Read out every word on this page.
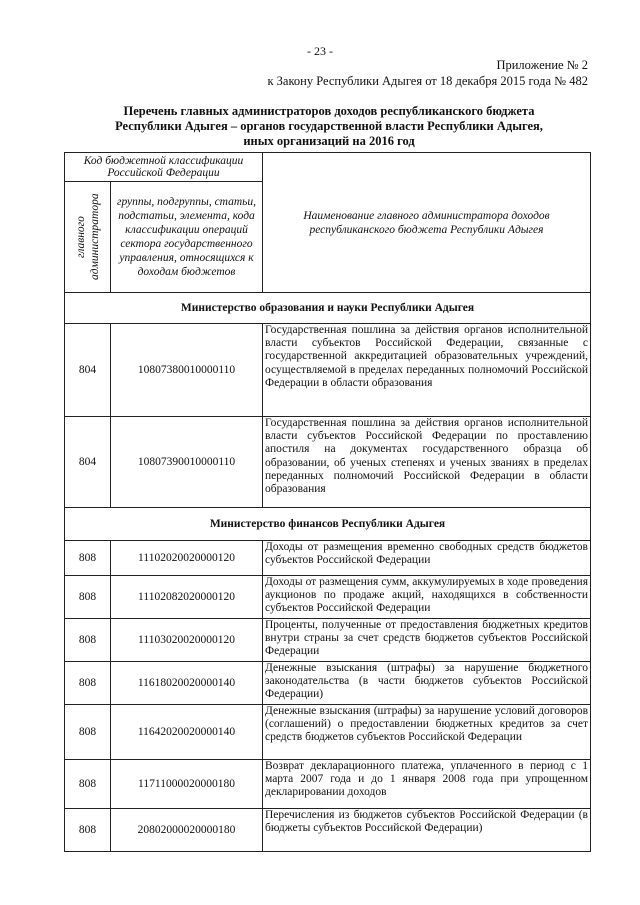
- 23 -
Приложение № 2
к Закону Республики Адыгея от 18 декабря 2015 года № 482
Перечень главных администраторов доходов республиканского бюджета
Республики Адыгея – органов государственной власти Республики Адыгея,
иных организаций на 2016 год
Код бюджетной классификации Российской Федерации		Наименование главного администратора доходов республиканского бюджета Республики Адыгея

главного администратора	группы, подгруппы, статьи, подстатьи, элемента, кода классификации операций сектора государственного управления, относящихся к доходам бюджетов	
Министерство образования и науки Республики Адыгея		
804	10807380010000110	Государственная пошлина за действия органов исполнительной власти субъектов Российской Федерации, связанные с государственной аккредитацией образовательных учреждений, осуществляемой в пределах переданных полномочий Российской Федерации в области образования
804	10807390010000110	Государственная пошлина за действия органов исполнительной власти субъектов Российской Федерации по проставлению апостиля на документах государственного образца об образовании, об ученых степенях и ученых званиях в пределах переданных полномочий Российской Федерации в области образования
Министерство финансов Республики Адыгея		
808	11102020020000120	Доходы от размещения временно свободных средств бюджетов субъектов Российской Федерации
808	11102082020000120	Доходы от размещения сумм, аккумулируемых в ходе проведения аукционов по продаже акций, находящихся в собственности субъектов Российской Федерации
808	11103020020000120	Проценты, полученные от предоставления бюджетных кредитов внутри страны за счет средств бюджетов субъектов Российской Федерации
808	11618020020000140	Денежные взыскания (штрафы) за нарушение бюджетного законодательства (в части бюджетов субъектов Российской Федерации)
808	11642020020000140	Денежные взыскания (штрафы) за нарушение условий договоров (соглашений) о предоставлении бюджетных кредитов за счет средств бюджетов субъектов Российской Федерации
808	11711000020000180	Возврат декларационного платежа, уплаченного в период с 1 марта 2007 года и до 1 января 2008 года при упрощенном декларировании доходов
808	20802000020000180	Перечисления из бюджетов субъектов Российской Федерации (в бюджеты субъектов Российской Федерации)
